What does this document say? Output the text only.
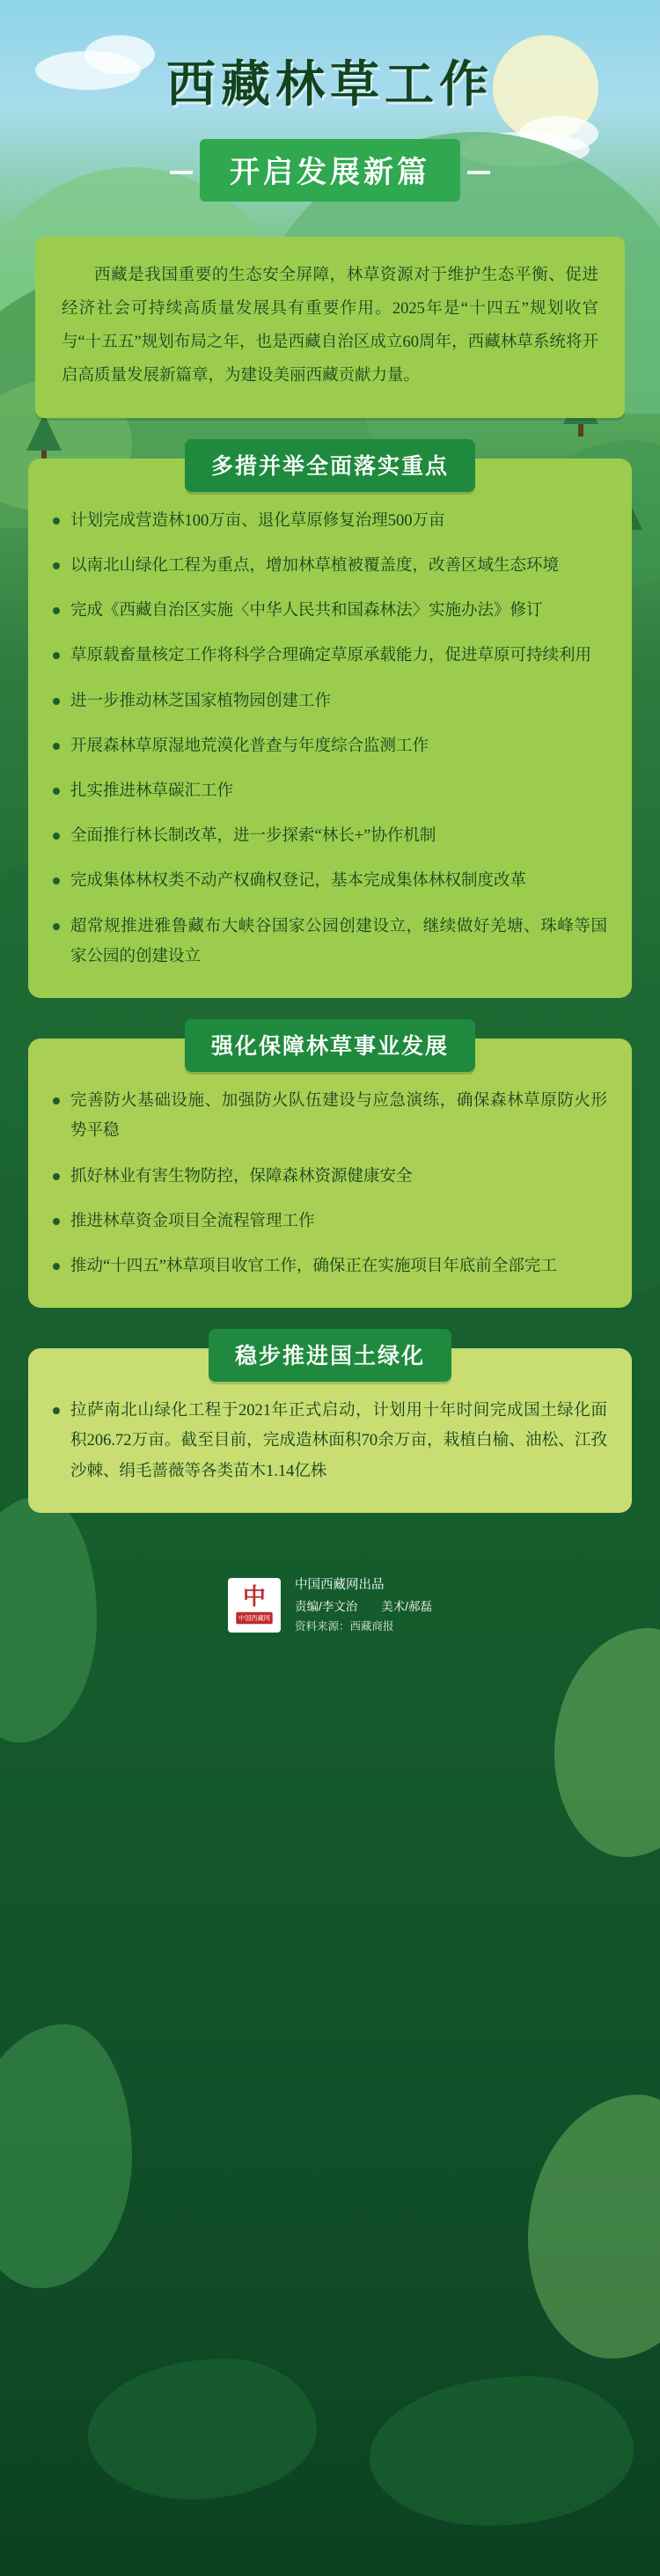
西藏林草工作
开启发展新篇

西藏是我国重要的生态安全屏障，林草资源对于维护生态平衡、促进经济社会可持续高质量发展具有重要作用。2025年是“十四五”规划收官与“十五五”规划布局之年，也是西藏自治区成立60周年，西藏林草系统将开启高质量发展新篇章，为建设美丽西藏贡献力量。

多措并举全面落实重点
计划完成营造林100万亩、退化草原修复治理500万亩
以南北山绿化工程为重点，增加林草植被覆盖度，改善区域生态环境
完成《西藏自治区实施〈中华人民共和国森林法〉实施办法》修订
草原载畜量核定工作将科学合理确定草原承载能力，促进草原可持续利用
进一步推动林芝国家植物园创建工作
开展森林草原湿地荒漠化普查与年度综合监测工作
扎实推进林草碳汇工作
全面推行林长制改革，进一步探索“林长+”协作机制
完成集体林权类不动产权确权登记，基本完成集体林权制度改革
超常规推进雅鲁藏布大峡谷国家公园创建设立，继续做好羌塘、珠峰等国家公园的创建设立
强化保障林草事业发展
完善防火基础设施、加强防火队伍建设与应急演练，确保森林草原防火形势平稳
抓好林业有害生物防控，保障森林资源健康安全
推进林草资金项目全流程管理工作
推动“十四五”林草项目收官工作，确保正在实施项目年底前全部完工
稳步推进国土绿化
拉萨南北山绿化工程于2021年正式启动，计划用十年时间完成国土绿化面积206.72万亩。截至目前，完成造林面积70余万亩，栽植白榆、油松、江孜沙棘、绢毛蔷薇等各类苗木1.14亿株
中
中国西藏网
中国西藏网出品
责编/李文治　　美术/郝磊
资料来源：西藏商报
